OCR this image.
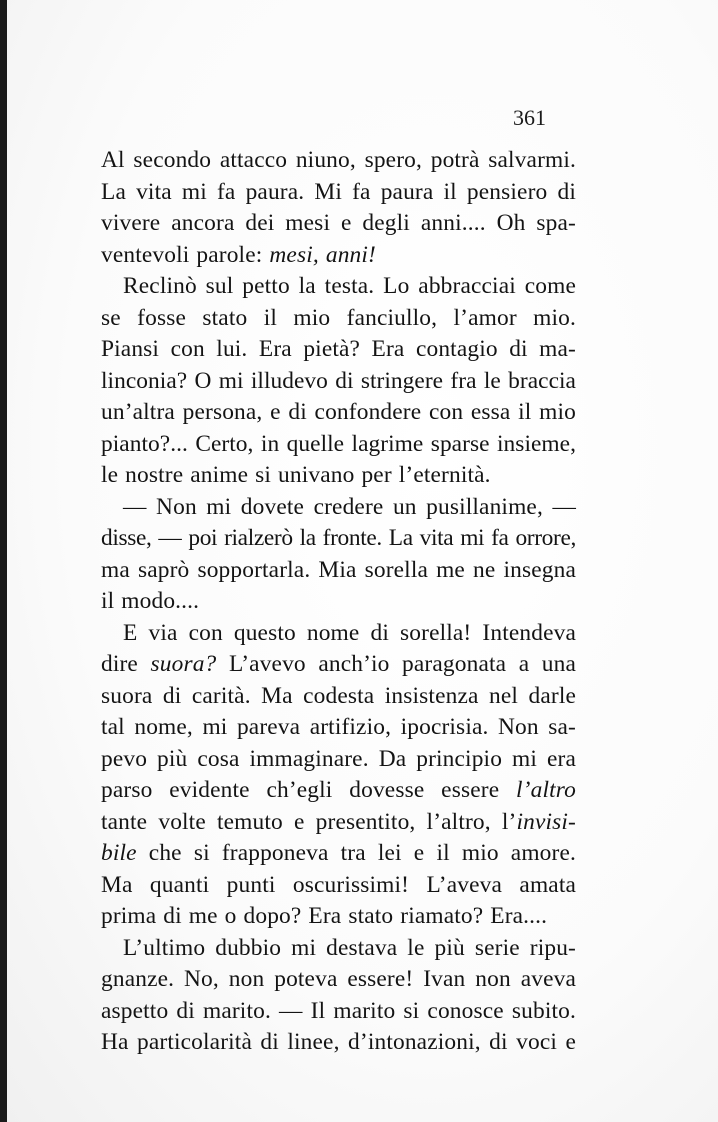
361
Al secondo attacco niuno, spero, potrà salvarmi.
La vita mi fa paura. Mi fa paura il pensiero di
vivere ancora dei mesi e degli anni.... Oh spa-
ventevoli parole: mesi, anni!
Reclinò sul petto la testa. Lo abbracciai come
se fosse stato il mio fanciullo, l’amor mio.
Piansi con lui. Era pietà? Era contagio di ma-
linconia? O mi illudevo di stringere fra le braccia
un’altra persona, e di confondere con essa il mio
pianto?... Certo, in quelle lagrime sparse insieme,
le nostre anime si univano per l’eternità.
— Non mi dovete credere un pusillanime, —
disse, — poi rialzerò la fronte. La vita mi fa orrore,
ma saprò sopportarla. Mia sorella me ne insegna
il modo....
E via con questo nome di sorella! Intendeva
dire suora? L’avevo anch’io paragonata a una
suora di carità. Ma codesta insistenza nel darle
tal nome, mi pareva artifizio, ipocrisia. Non sa-
pevo più cosa immaginare. Da principio mi era
parso evidente ch’egli dovesse essere l’altro
tante volte temuto e presentito, l’altro, l’invisi-
bile che si frapponeva tra lei e il mio amore.
Ma quanti punti oscurissimi! L’aveva amata
prima di me o dopo? Era stato riamato? Era....
L’ultimo dubbio mi destava le più serie ripu-
gnanze. No, non poteva essere! Ivan non aveva
aspetto di marito. — Il marito si conosce subito.
Ha particolarità di linee, d’intonazioni, di voci e
